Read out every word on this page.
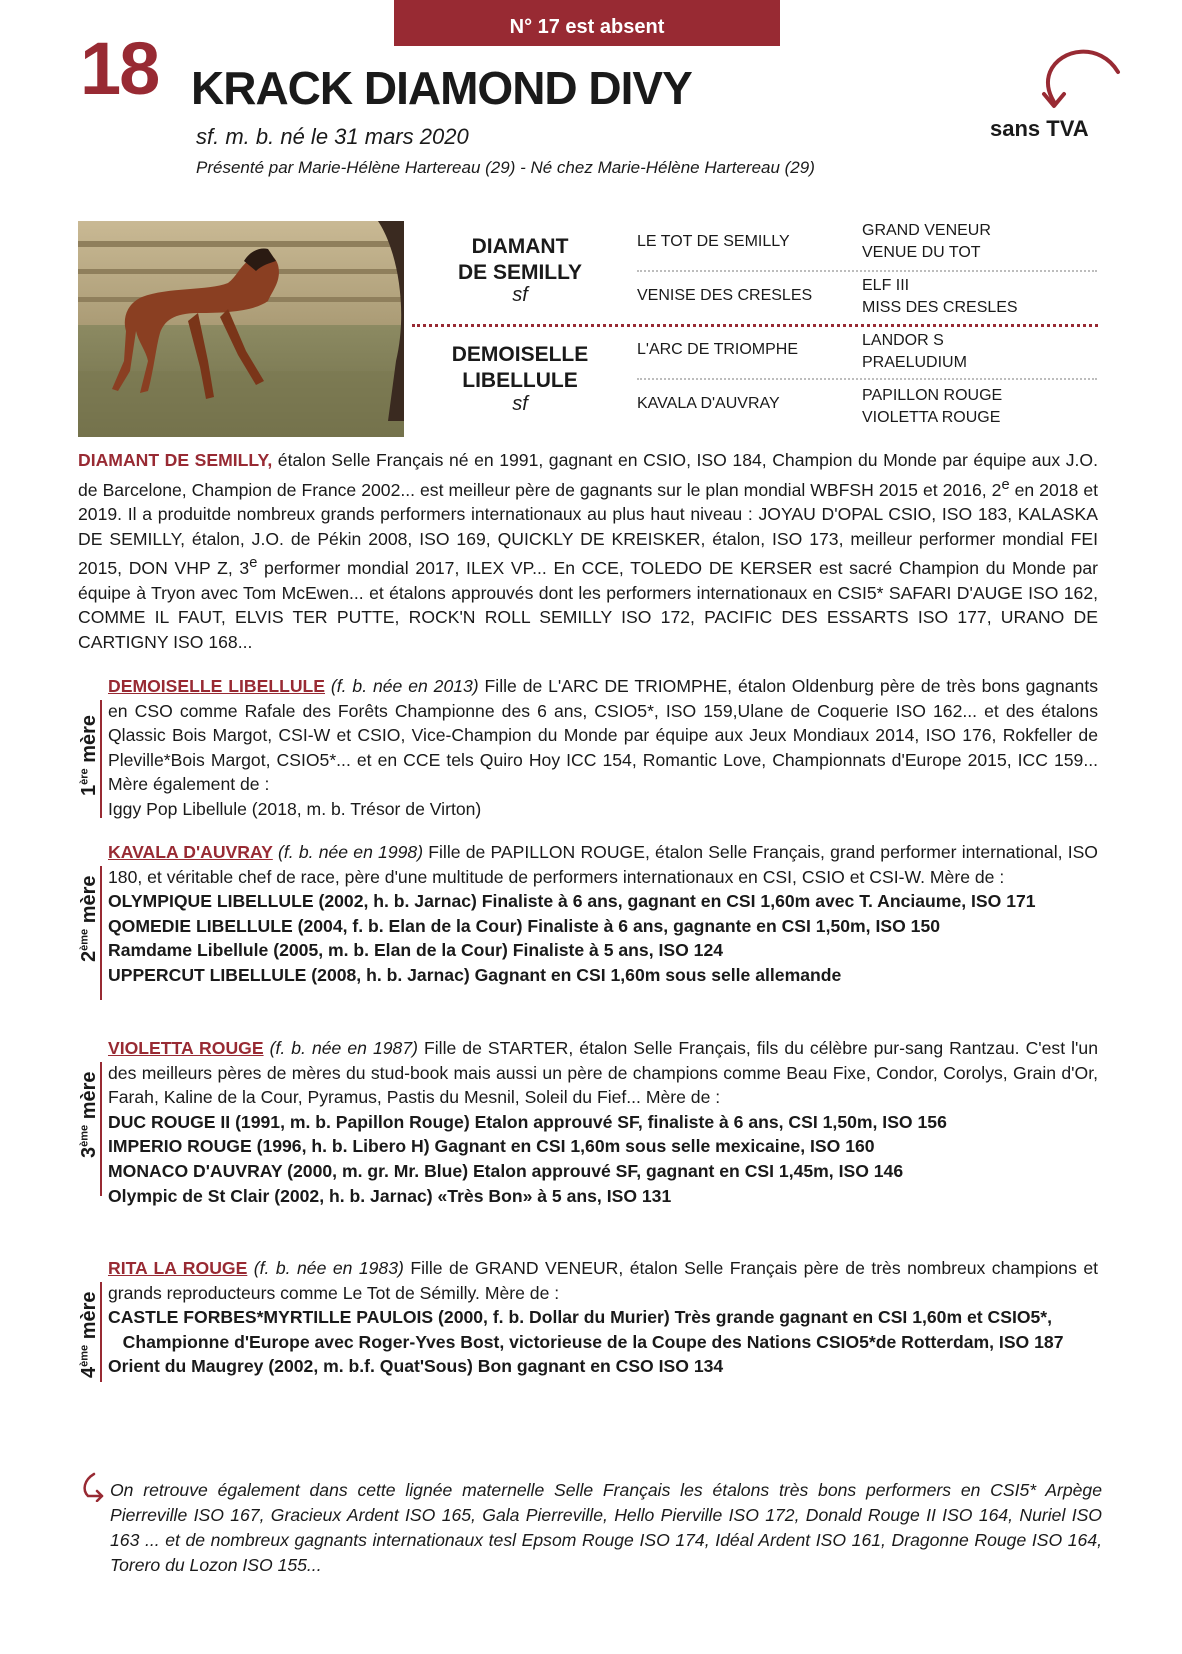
N° 17 est absent
18 KRACK DIAMOND DIVY
sf. m. b. né le 31 mars 2020
Présenté par Marie-Hélène Hartereau (29) - Né chez Marie-Hélène Hartereau (29)
sans TVA
DIAMANT
DE SEMILLY
sf
DEMOISELLE
LIBELLULE
sf
LE TOT DE SEMILLY
VENISE DES CRESLES
L'ARC DE TRIOMPHE
KAVALA D'AUVRAY
GRAND VENEUR
VENUE DU TOT
ELF III
MISS DES CRESLES
LANDOR S
PRAELUDIUM
PAPILLON ROUGE
VIOLETTA ROUGE
DIAMANT DE SEMILLY, étalon Selle Français né en 1991, gagnant en CSIO, ISO 184, Champion du Monde par équipe aux J.O. de Barcelone, Champion de France 2002... est meilleur père de gagnants sur le plan mondial WBFSH 2015 et 2016, 2e en 2018 et 2019. Il a produitde nombreux grands performers internationaux au plus haut niveau : JOYAU D'OPAL CSIO, ISO 183, KALASKA DE SEMILLY, étalon, J.O. de Pékin 2008, ISO 169, QUICKLY DE KREISKER, étalon, ISO 173, meilleur performer mondial FEI 2015, DON VHP Z, 3e performer mondial 2017, ILEX VP... En CCE, TOLEDO DE KERSER est sacré Champion du Monde par équipe à Tryon avec Tom McEwen... et étalons approuvés dont les performers internationaux en CSI5* SAFARI D'AUGE ISO 162, COMME IL FAUT, ELVIS TER PUTTE, ROCK'N ROLL SEMILLY ISO 172, PACIFIC DES ESSARTS ISO 177, URANO DE CARTIGNY ISO 168...
1ère mère

DEMOISELLE LIBELLULE (f. b. née en 2013) Fille de L'ARC DE TRIOMPHE, étalon Oldenburg père de très bons gagnants en CSO comme Rafale des Forêts Championne des 6 ans, CSIO5*, ISO 159,Ulane de Coquerie ISO 162... et des étalons Qlassic Bois Margot, CSI-W et CSIO, Vice-Champion du Monde par équipe aux Jeux Mondiaux 2014, ISO 176, Rokfeller de Pleville*Bois Margot, CSIO5*... et en CCE tels Quiro Hoy ICC 154, Romantic Love, Championnats d'Europe 2015, ICC 159... Mère également de :

Iggy Pop Libellule (2018, m. b. Trésor de Virton)

2ème mère

KAVALA D'AUVRAY (f. b. née en 1998) Fille de PAPILLON ROUGE, étalon Selle Français, grand performer international, ISO 180, et véritable chef de race, père d'une multitude de performers internationaux en CSI, CSIO et CSI-W. Mère de :

OLYMPIQUE LIBELLULE (2002, h. b. Jarnac) Finaliste à 6 ans, gagnant en CSI 1,60m avec T. Anciaume, ISO 171

QOMEDIE LIBELLULE (2004, f. b. Elan de la Cour) Finaliste à 6 ans, gagnante en CSI 1,50m, ISO 150

Ramdame Libellule (2005, m. b. Elan de la Cour) Finaliste à 5 ans, ISO 124

UPPERCUT LIBELLULE (2008, h. b. Jarnac) Gagnant en CSI 1,60m sous selle allemande

3ème mère

VIOLETTA ROUGE (f. b. née en 1987) Fille de STARTER, étalon Selle Français, fils du célèbre pur-sang Rantzau. C'est l'un des meilleurs pères de mères du stud-book mais aussi un père de champions comme Beau Fixe, Condor, Corolys, Grain d'Or, Farah, Kaline de la Cour, Pyramus, Pastis du Mesnil, Soleil du Fief... Mère de :

DUC ROUGE II (1991, m. b. Papillon Rouge) Etalon approuvé SF, finaliste à 6 ans, CSI 1,50m, ISO 156

IMPERIO ROUGE (1996, h. b. Libero H) Gagnant en CSI 1,60m sous selle mexicaine, ISO 160

MONACO D'AUVRAY (2000, m. gr. Mr. Blue) Etalon approuvé SF, gagnant en CSI 1,45m, ISO 146

Olympic de St Clair (2002, h. b. Jarnac) «Très Bon» à 5 ans, ISO 131

4ème mère

RITA LA ROUGE (f. b. née en 1983) Fille de GRAND VENEUR, étalon Selle Français père de très nombreux champions et grands reproducteurs comme Le Tot de Sémilly. Mère de :

CASTLE FORBES*MYRTILLE PAULOIS (2000, f. b. Dollar du Murier) Très grande gagnant en CSI 1,60m et CSIO5*,

Championne d'Europe avec Roger-Yves Bost, victorieuse de la Coupe des Nations CSIO5*de Rotterdam, ISO 187

Orient du Maugrey (2002, m. b.f. Quat'Sous) Bon gagnant en CSO ISO 134

On retrouve également dans cette lignée maternelle Selle Français les étalons très bons performers en CSI5* Arpège Pierreville ISO 167, Gracieux Ardent ISO 165, Gala Pierreville, Hello Pierville ISO 172, Donald Rouge II ISO 164, Nuriel ISO 163 ... et de nombreux gagnants internationaux tesl Epsom Rouge ISO 174, Idéal Ardent ISO 161, Dragonne Rouge ISO 164, Torero du Lozon ISO 155...
